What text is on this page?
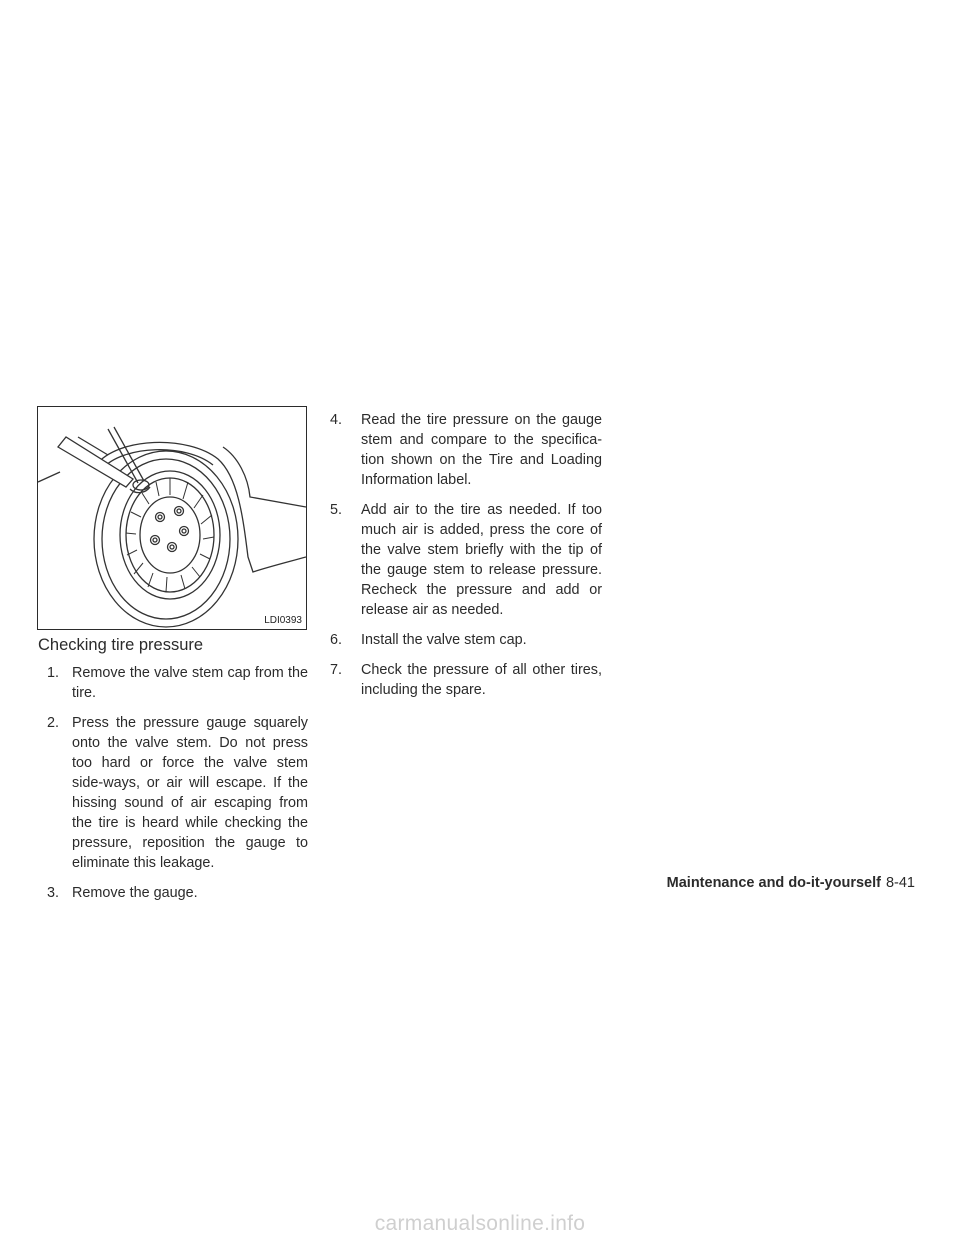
LDI0393
Checking tire pressure
1. Remove the valve stem cap from the tire.
2. Press the pressure gauge squarely onto the valve stem. Do not press too hard or force the valve stem side-ways, or air will escape. If the hissing sound of air escaping from the tire is heard while checking the pressure, reposition the gauge to eliminate this leakage.
3. Remove the gauge.
4. Read the tire pressure on the gauge stem and compare to the specifica-tion shown on the Tire and Loading Information label.
5. Add air to the tire as needed. If too much air is added, press the core of the valve stem briefly with the tip of the gauge stem to release pressure. Recheck the pressure and add or release air as needed.
6. Install the valve stem cap.
7. Check the pressure of all other tires, including the spare.
Maintenance and do-it-yourself 8-41
carmanualsonline.info
